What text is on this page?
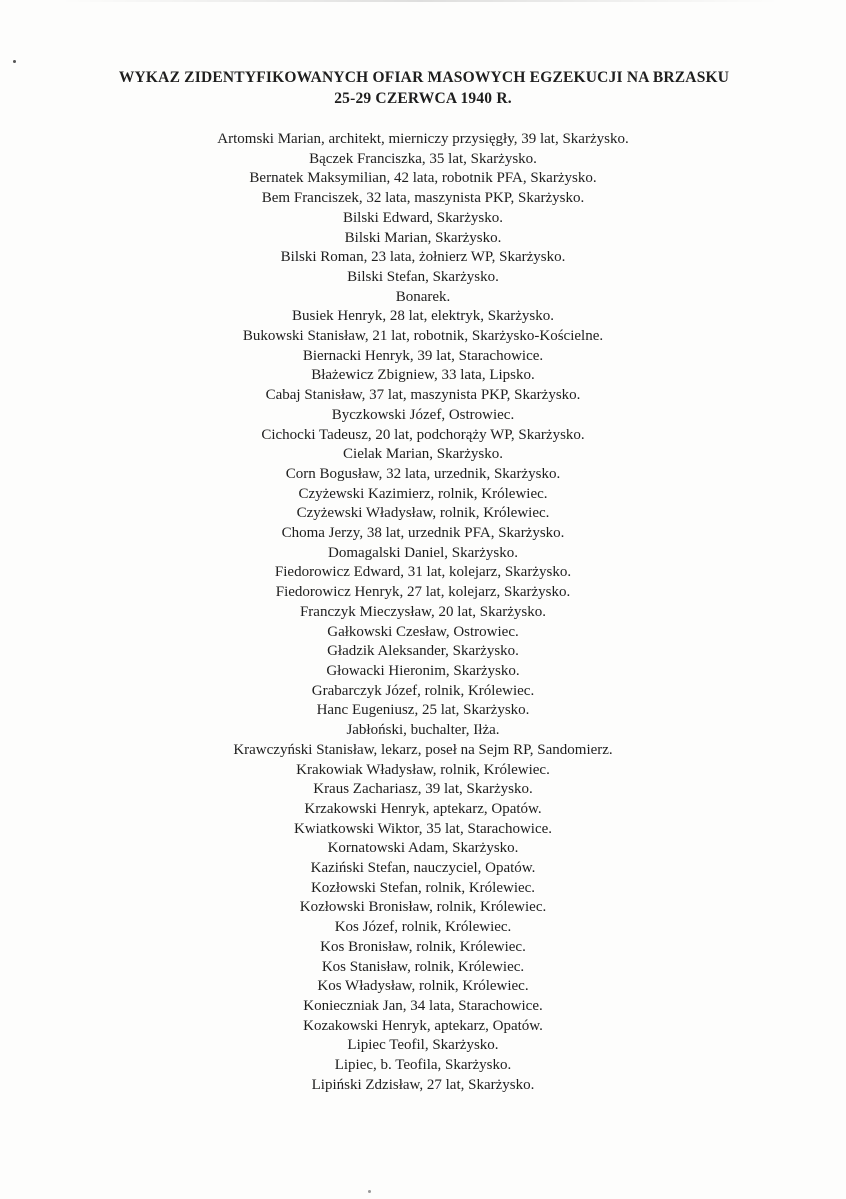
WYKAZ ZIDENTYFIKOWANYCH OFIAR MASOWYCH EGZEKUCJI NA BRZASKU
25-29 CZERWCA 1940 R.
Artomski Marian, architekt, mierniczy przysięgły, 39 lat, Skarżysko.
Bączek Franciszka, 35 lat, Skarżysko.
Bernatek Maksymilian, 42 lata, robotnik PFA, Skarżysko.
Bem Franciszek, 32 lata, maszynista PKP, Skarżysko.
Bilski Edward, Skarżysko.
Bilski Marian, Skarżysko.
Bilski Roman, 23 lata, żołnierz WP, Skarżysko.
Bilski Stefan, Skarżysko.
Bonarek.
Busiek Henryk, 28 lat, elektryk, Skarżysko.
Bukowski Stanisław, 21 lat, robotnik, Skarżysko-Kościelne.
Biernacki Henryk, 39 lat, Starachowice.
Błażewicz Zbigniew, 33 lata, Lipsko.
Cabaj Stanisław, 37 lat, maszynista PKP, Skarżysko.
Byczkowski Józef, Ostrowiec.
Cichocki Tadeusz, 20 lat, podchorąży WP, Skarżysko.
Cielak Marian, Skarżysko.
Corn Bogusław, 32 lata, urzednik, Skarżysko.
Czyżewski Kazimierz, rolnik, Królewiec.
Czyżewski Władysław, rolnik, Królewiec.
Choma Jerzy, 38 lat, urzednik PFA, Skarżysko.
Domagalski Daniel, Skarżysko.
Fiedorowicz Edward, 31 lat, kolejarz, Skarżysko.
Fiedorowicz Henryk, 27 lat, kolejarz, Skarżysko.
Franczyk Mieczysław, 20 lat, Skarżysko.
Gałkowski Czesław, Ostrowiec.
Gładzik Aleksander, Skarżysko.
Głowacki Hieronim, Skarżysko.
Grabarczyk Józef, rolnik, Królewiec.
Hanc Eugeniusz, 25 lat, Skarżysko.
Jabłoński, buchalter, Iłża.
Krawczyński Stanisław, lekarz, poseł na Sejm RP, Sandomierz.
Krakowiak Władysław, rolnik, Królewiec.
Kraus Zachariasz, 39 lat, Skarżysko.
Krzakowski Henryk, aptekarz, Opatów.
Kwiatkowski Wiktor, 35 lat, Starachowice.
Kornatowski Adam, Skarżysko.
Kaziński Stefan, nauczyciel, Opatów.
Kozłowski Stefan, rolnik, Królewiec.
Kozłowski Bronisław, rolnik, Królewiec.
Kos Józef, rolnik, Królewiec.
Kos Bronisław, rolnik, Królewiec.
Kos Stanisław, rolnik, Królewiec.
Kos Władysław, rolnik, Królewiec.
Konieczniak Jan, 34 lata, Starachowice.
Kozakowski Henryk, aptekarz, Opatów.
Lipiec Teofil, Skarżysko.
Lipiec, b. Teofila, Skarżysko.
Lipiński Zdzisław, 27 lat, Skarżysko.
